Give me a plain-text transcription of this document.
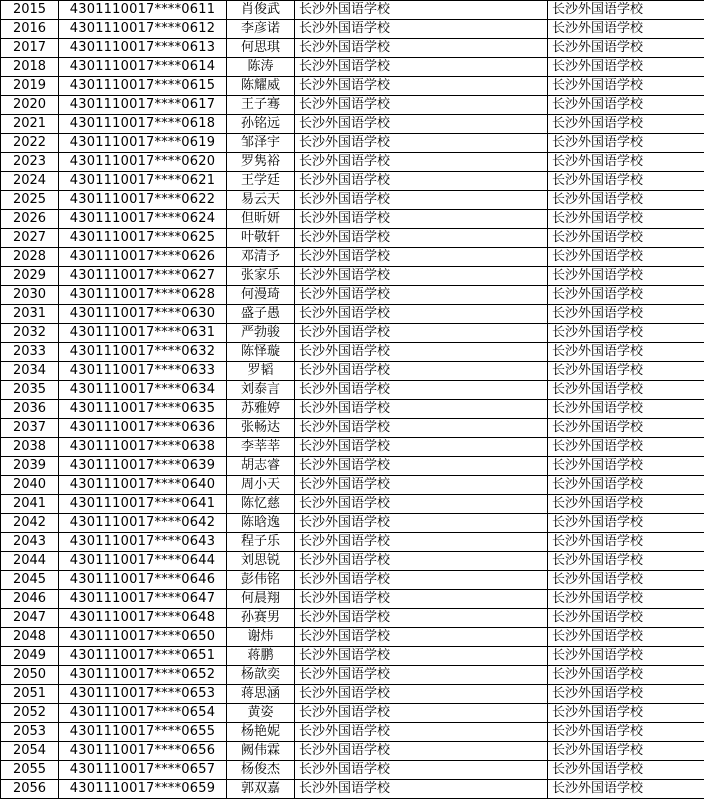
2015	4301110017****0611	肖俊武	长沙外国语学校	长沙外国语学校
2016	4301110017****0612	李彦诺	长沙外国语学校	长沙外国语学校
2017	4301110017****0613	何思琪	长沙外国语学校	长沙外国语学校
2018	4301110017****0614	陈涛	长沙外国语学校	长沙外国语学校
2019	4301110017****0615	陈耀威	长沙外国语学校	长沙外国语学校
2020	4301110017****0617	王子骞	长沙外国语学校	长沙外国语学校
2021	4301110017****0618	孙铭远	长沙外国语学校	长沙外国语学校
2022	4301110017****0619	邹泽宇	长沙外国语学校	长沙外国语学校
2023	4301110017****0620	罗隽裕	长沙外国语学校	长沙外国语学校
2024	4301110017****0621	王学廷	长沙外国语学校	长沙外国语学校
2025	4301110017****0622	易云天	长沙外国语学校	长沙外国语学校
2026	4301110017****0624	但昕妍	长沙外国语学校	长沙外国语学校
2027	4301110017****0625	叶敬轩	长沙外国语学校	长沙外国语学校
2028	4301110017****0626	邓清予	长沙外国语学校	长沙外国语学校
2029	4301110017****0627	张家乐	长沙外国语学校	长沙外国语学校
2030	4301110017****0628	何漫琦	长沙外国语学校	长沙外国语学校
2031	4301110017****0630	盛子愚	长沙外国语学校	长沙外国语学校
2032	4301110017****0631	严勃骏	长沙外国语学校	长沙外国语学校
2033	4301110017****0632	陈怿璇	长沙外国语学校	长沙外国语学校
2034	4301110017****0633	罗韬	长沙外国语学校	长沙外国语学校
2035	4301110017****0634	刘泰言	长沙外国语学校	长沙外国语学校
2036	4301110017****0635	苏雅婷	长沙外国语学校	长沙外国语学校
2037	4301110017****0636	张畅达	长沙外国语学校	长沙外国语学校
2038	4301110017****0638	李莘莘	长沙外国语学校	长沙外国语学校
2039	4301110017****0639	胡志睿	长沙外国语学校	长沙外国语学校
2040	4301110017****0640	周小天	长沙外国语学校	长沙外国语学校
2041	4301110017****0641	陈忆慈	长沙外国语学校	长沙外国语学校
2042	4301110017****0642	陈晗逸	长沙外国语学校	长沙外国语学校
2043	4301110017****0643	程子乐	长沙外国语学校	长沙外国语学校
2044	4301110017****0644	刘思锐	长沙外国语学校	长沙外国语学校
2045	4301110017****0646	彭伟铭	长沙外国语学校	长沙外国语学校
2046	4301110017****0647	何晨翔	长沙外国语学校	长沙外国语学校
2047	4301110017****0648	孙赛男	长沙外国语学校	长沙外国语学校
2048	4301110017****0650	谢炜	长沙外国语学校	长沙外国语学校
2049	4301110017****0651	蒋鹏	长沙外国语学校	长沙外国语学校
2050	4301110017****0652	杨歆奕	长沙外国语学校	长沙外国语学校
2051	4301110017****0653	蒋思涵	长沙外国语学校	长沙外国语学校
2052	4301110017****0654	黄姿	长沙外国语学校	长沙外国语学校
2053	4301110017****0655	杨艳妮	长沙外国语学校	长沙外国语学校
2054	4301110017****0656	阙伟霖	长沙外国语学校	长沙外国语学校
2055	4301110017****0657	杨俊杰	长沙外国语学校	长沙外国语学校
2056	4301110017****0659	郭双嘉	长沙外国语学校	长沙外国语学校
